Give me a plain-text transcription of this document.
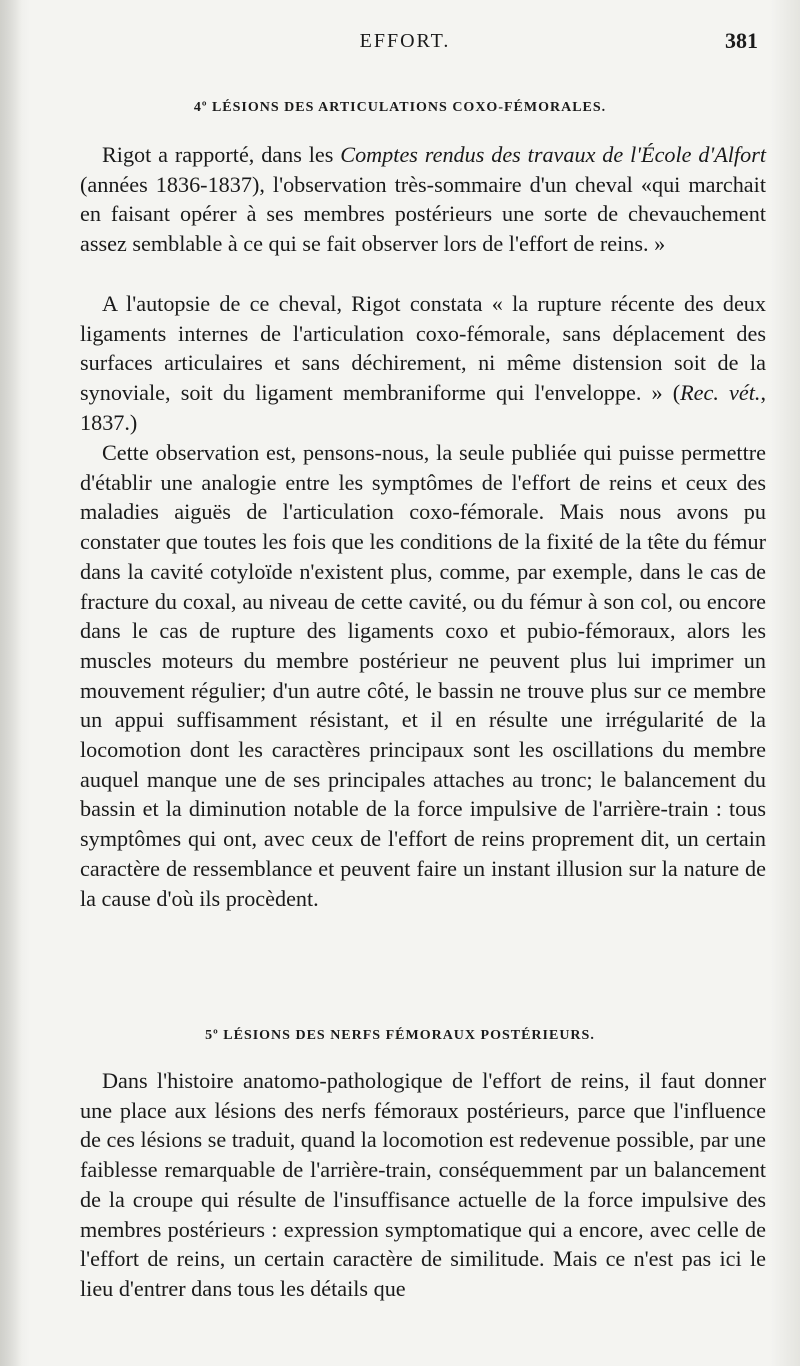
EFFORT.	381
4º LÉSIONS DES ARTICULATIONS COXO-FÉMORALES.
Rigot a rapporté, dans les Comptes rendus des travaux de l'École d'Alfort (années 1836-1837), l'observation très-sommaire d'un cheval «qui marchait en faisant opérer à ses membres postérieurs une sorte de chevauchement assez semblable à ce qui se fait observer lors de l'effort de reins. »
A l'autopsie de ce cheval, Rigot constata « la rupture récente des deux ligaments internes de l'articulation coxo-fémorale, sans déplacement des surfaces articulaires et sans déchirement, ni même distension soit de la synoviale, soit du ligament membraniforme qui l'enveloppe. » (Rec. vét., 1837.)
Cette observation est, pensons-nous, la seule publiée qui puisse permettre d'établir une analogie entre les symptômes de l'effort de reins et ceux des maladies aiguës de l'articulation coxo-fémorale. Mais nous avons pu constater que toutes les fois que les conditions de la fixité de la tête du fémur dans la cavité cotyloïde n'existent plus, comme, par exemple, dans le cas de fracture du coxal, au niveau de cette cavité, ou du fémur à son col, ou encore dans le cas de rupture des ligaments coxo et pubio-fémoraux, alors les muscles moteurs du membre postérieur ne peuvent plus lui imprimer un mouvement régulier; d'un autre côté, le bassin ne trouve plus sur ce membre un appui suffisamment résistant, et il en résulte une irrégularité de la locomotion dont les caractères principaux sont les oscillations du membre auquel manque une de ses principales attaches au tronc; le balancement du bassin et la diminution notable de la force impulsive de l'arrière-train : tous symptômes qui ont, avec ceux de l'effort de reins proprement dit, un certain caractère de ressemblance et peuvent faire un instant illusion sur la nature de la cause d'où ils procèdent.
5º LÉSIONS DES NERFS FÉMORAUX POSTÉRIEURS.
Dans l'histoire anatomo-pathologique de l'effort de reins, il faut donner une place aux lésions des nerfs fémoraux postérieurs, parce que l'influence de ces lésions se traduit, quand la locomotion est redevenue possible, par une faiblesse remarquable de l'arrière-train, conséquemment par un balancement de la croupe qui résulte de l'insuffisance actuelle de la force impulsive des membres postérieurs : expression symptomatique qui a encore, avec celle de l'effort de reins, un certain caractère de similitude. Mais ce n'est pas ici le lieu d'entrer dans tous les détails que
